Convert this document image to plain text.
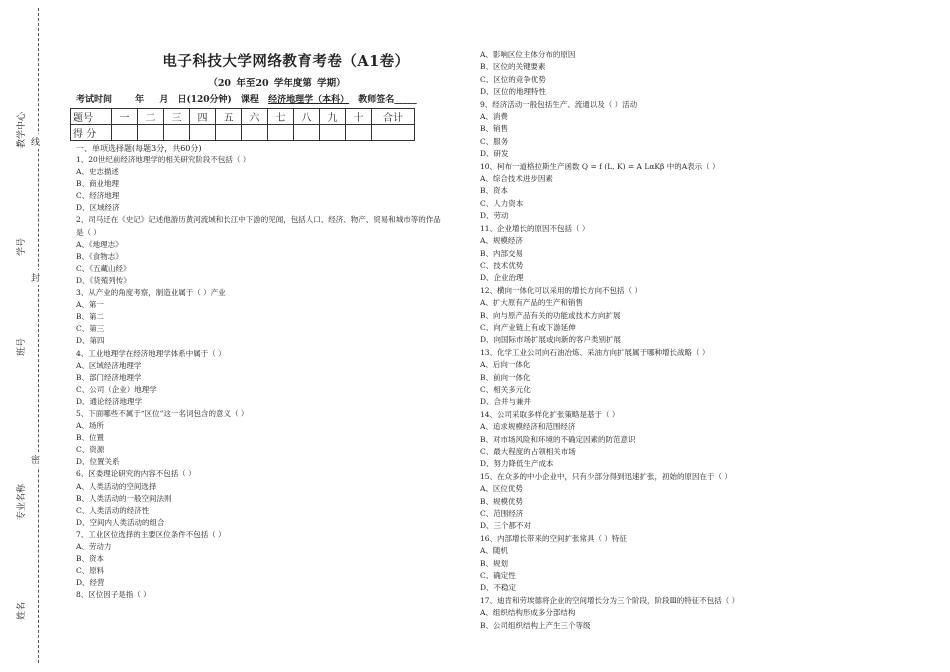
教学中心 线
学号
封
班号
密
专业名称
姓名
电子科技大学网络教育考卷（A1卷）
（20 年至20 学年度第 学期）
考试时间	年 月 日(120分钟) 课程 经济地理学（本科） 教师签名_____
题号	一	二	三	四	五	六	七	八	九	十	合计
得 分											
一、单项选择题(每题3分，共60分)
1、20世纪前经济地理学的相关研究阶段不包括（ ）
A、史志描述
B、商业地理
C、经济地理
D、区域经济
2、司马迁在《史记》记述他游历黄河流域和长江中下游的见闻，包括人口、经济、物产、贸易和城市等的作品
是（ ）
A、《地理志》
B、《食物志》
C、《五藏山经》
D、《货殖列传》
3、从产业的角度考察，制造业属于（ ）产业
A、第一
B、第二
C、第三
D、第四
4、工业地理学在经济地理学体系中属于（ ）
A、区域经济地理学
B、部门经济地理学
C、公司（企业）地理学
D、通论经济地理学
5、下面哪些不属于“区位”这一名词包含的意义（ ）
A、场所
B、位置
C、资源
D、位置关系
6、区委理论研究的内容不包括（ ）
A、人类活动的空间选择
B、人类活动的一般空间法则
C、人类活动的经济性
D、空间内人类活动的组合
7、工业区位选择的主要区位条件不包括（ ）
A、劳动力
B、资本
C、原料
D、经营
8、区位因子是指（ ）
A、影响区位主体分布的原因
B、区位的关键要素
C、区位的竞争优势
D、区位的地理特性
9、经济活动一般包括生产、流通以及（ ）活动
A、消费
B、销售
C、服务
D、研发
10、柯布一道格拉斯生产函数 Q = f (L, K) = A LαKβ 中的A表示（ ）
A、综合技术进步因素
B、资本
C、人力资本
D、劳动
11、企业增长的原因不包括（ ）
A、规模经济
B、内部交易
C、技术优势
D、企业治理
12、横向一体化可以采用的增长方向不包括（ ）
A、扩大原有产品的生产和销售
B、向与原产品有关的功能或技术方向扩展
C、向产业链上有或下游延伸
D、向国际市场扩展或向新的客户类别扩展
13、化学工业公司向石油冶炼、采油方向扩展属于哪种增长战略（ ）
A、后向一体化
B、前向一体化
C、相关多元化
D、合并与兼并
14、公司采取多样化扩张策略是基于（ ）
A、追求规模经济和范围经济
B、对市场风险和环境的不确定因素的防范意识
C、最大程度的占领相关市场
D、努力降低生产成本
15、在众多的中小企业中，只有少部分得到迅速扩张，初始的原因在于（ ）
A、区位优势
B、规模优势
C、范围经济
D、三个都不对
16、内部增长带来的空间扩张常具（ ）特征
A、随机
B、规划
C、确定性
D、不稳定
17、迪肯和劳埃德将企业的空间增长分为三个阶段，阶段Ⅲ的特征不包括（ ）
A、组织结构形成多分部结构
B、公司组织结构上产生三个等级
